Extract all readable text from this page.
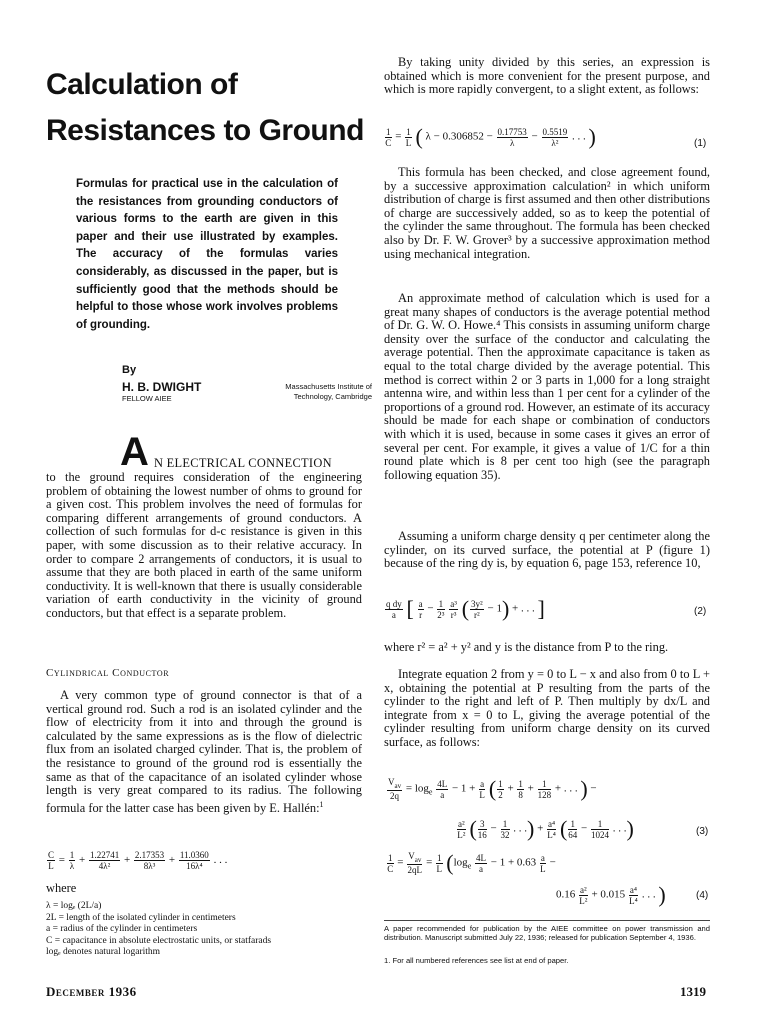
Calculation of
Resistances to Ground
Formulas for practical use in the calculation of the resistances from grounding conductors of various forms to the earth are given in this paper and their use illustrated by examples. The accuracy of the formulas varies considerably, as discussed in the paper, but is sufficiently good that the methods should be helpful to those whose work involves problems of grounding.
By
H. B. DWIGHT
FELLOW AIEE
Massachusetts Institute of
Technology, Cambridge
A N ELECTRICAL CONNECTION
to the ground requires consideration of the engineering problem of obtaining the lowest number of ohms to ground for a given cost. This problem involves the need of formulas for comparing different arrangements of ground conductors. A collection of such formulas for d-c resistance is given in this paper, with some discussion as to their relative accuracy. In order to compare 2 arrangements of conductors, it is usual to assume that they are both placed in earth of the same uniform conductivity. It is well-known that there is usually considerable variation of earth conductivity in the vicinity of ground conductors, but that effect is a separate problem.
Cylindrical Conductor

A very common type of ground connector is that of a vertical ground rod. Such a rod is an isolated cylinder and the flow of electricity from it into and through the ground is calculated by the same expressions as is the flow of dielectric flux from an isolated charged cylinder. That is, the problem of the resistance to ground of the ground rod is essentially the same as that of the capacitance of an isolated cylinder whose length is very great compared to its radius. The following formula for the latter case has been given by E. Hallén:$^1$

$\frac{C}{L} = \frac{1}{\lambda} + \frac{1.22741}{\text{4λ²}} + \frac{2.17353}{\text{8λ³}} + \frac{11.0360}{\text{16λ⁴}}$ . . .
where
λ = logₑ (2L/a)
2L = length of the isolated cylinder in centimeters
a = radius of the cylinder in centimeters
C = capacitance in absolute electrostatic units, or statfarads
logₑ denotes natural logarithm

By taking unity divided by this series, an expression is obtained which is more convenient for the present purpose, and which is more rapidly convergent, to a slight extent, as follows:

$\frac{1}{C} = \frac{1}{L}$ ( $\lambda - 0.306852 - \frac{0.17753}{\lambda} - \frac{0.5519}{\text{λ²}}$ . . . )	(1)

This formula has been checked, and close agreement found, by a successive approximation calculation² in which uniform distribution of charge is first assumed and then other distributions of charge are successively added, so as to keep the potential of the cylinder the same throughout. The formula has been checked also by Dr. F. W. Grover³ by a successive approximation method using mechanical integration.

An approximate method of calculation which is used for a great many shapes of conductors is the average potential method of Dr. G. W. O. Howe.⁴ This consists in assuming uniform charge density over the surface of the conductor and calculating the average potential. Then the approximate capacitance is taken as equal to the total charge divided by the average potential. This method is correct within 2 or 3 parts in 1,000 for a long straight antenna wire, and within less than 1 per cent for a cylinder of the proportions of a ground rod. However, an estimate of its accuracy should be made for each shape or combination of conductors with which it is used, because in some cases it gives an error of several per cent. For example, it gives a value of 1/C for a thin round plate which is 8 per cent too high (see the paragraph following equation 35).

Assuming a uniform charge density q per centimeter along the cylinder, on its curved surface, the potential at P (figure 1) because of the ring dy is, by equation 6, page 153, reference 10,

$\frac{\text{q dy}}{a}$ [ $\frac{a}{r} - \frac{1}{\text{2³}}$
$\frac{\text{a³}}{\text{r³}}$ ( $\frac{\text{3y²}}{\text{r²}} - 1$) + . . . ]	(2)

where r² = a² + y² and y is the distance from P to the ring.

Integrate equation 2 from y = 0 to L − x and also from 0 to L + x, obtaining the potential at P resulting from the parts of the cylinder to the right and left of P. Then multiply by dx/L and integrate from x = 0 to L, giving the average potential of the cylinder resulting from uniform charge density on its curved surface, as follows:

$V_{av}$
2q
= $\log_e \frac{4L}{a} - 1 + \frac{a}{L}$ ( $\frac{1}{2} + \frac{1}{8} + \frac{1}{128}$ + . . . ) −
$\frac{\text{a²}}{\text{L²}}$ ( $\frac{3}{16} - \frac{1}{32}$ . . .) + $\frac{\text{a⁴}}{\text{L⁴}}$ ( $\frac{1}{64} - \frac{1}{1024}$ . . .)	(3)
$\frac{1}{C}$ =
$V_{av}$
2qL
= $\frac{1}{L} (\log_e \frac{4L}{a} - 1 + 0.63 \frac{a}{L}$ −
$0.16 \frac{\text{a²}}{\text{L²}} + 0.015 \frac{\text{a⁴}}{\text{L⁴}}$ . . . )	(4)
A paper recommended for publication by the AIEE committee on power transmission and distribution. Manuscript submitted July 22, 1936; released for publication September 4, 1936.
1. For all numbered references see list at end of paper.
December 1936	1319
